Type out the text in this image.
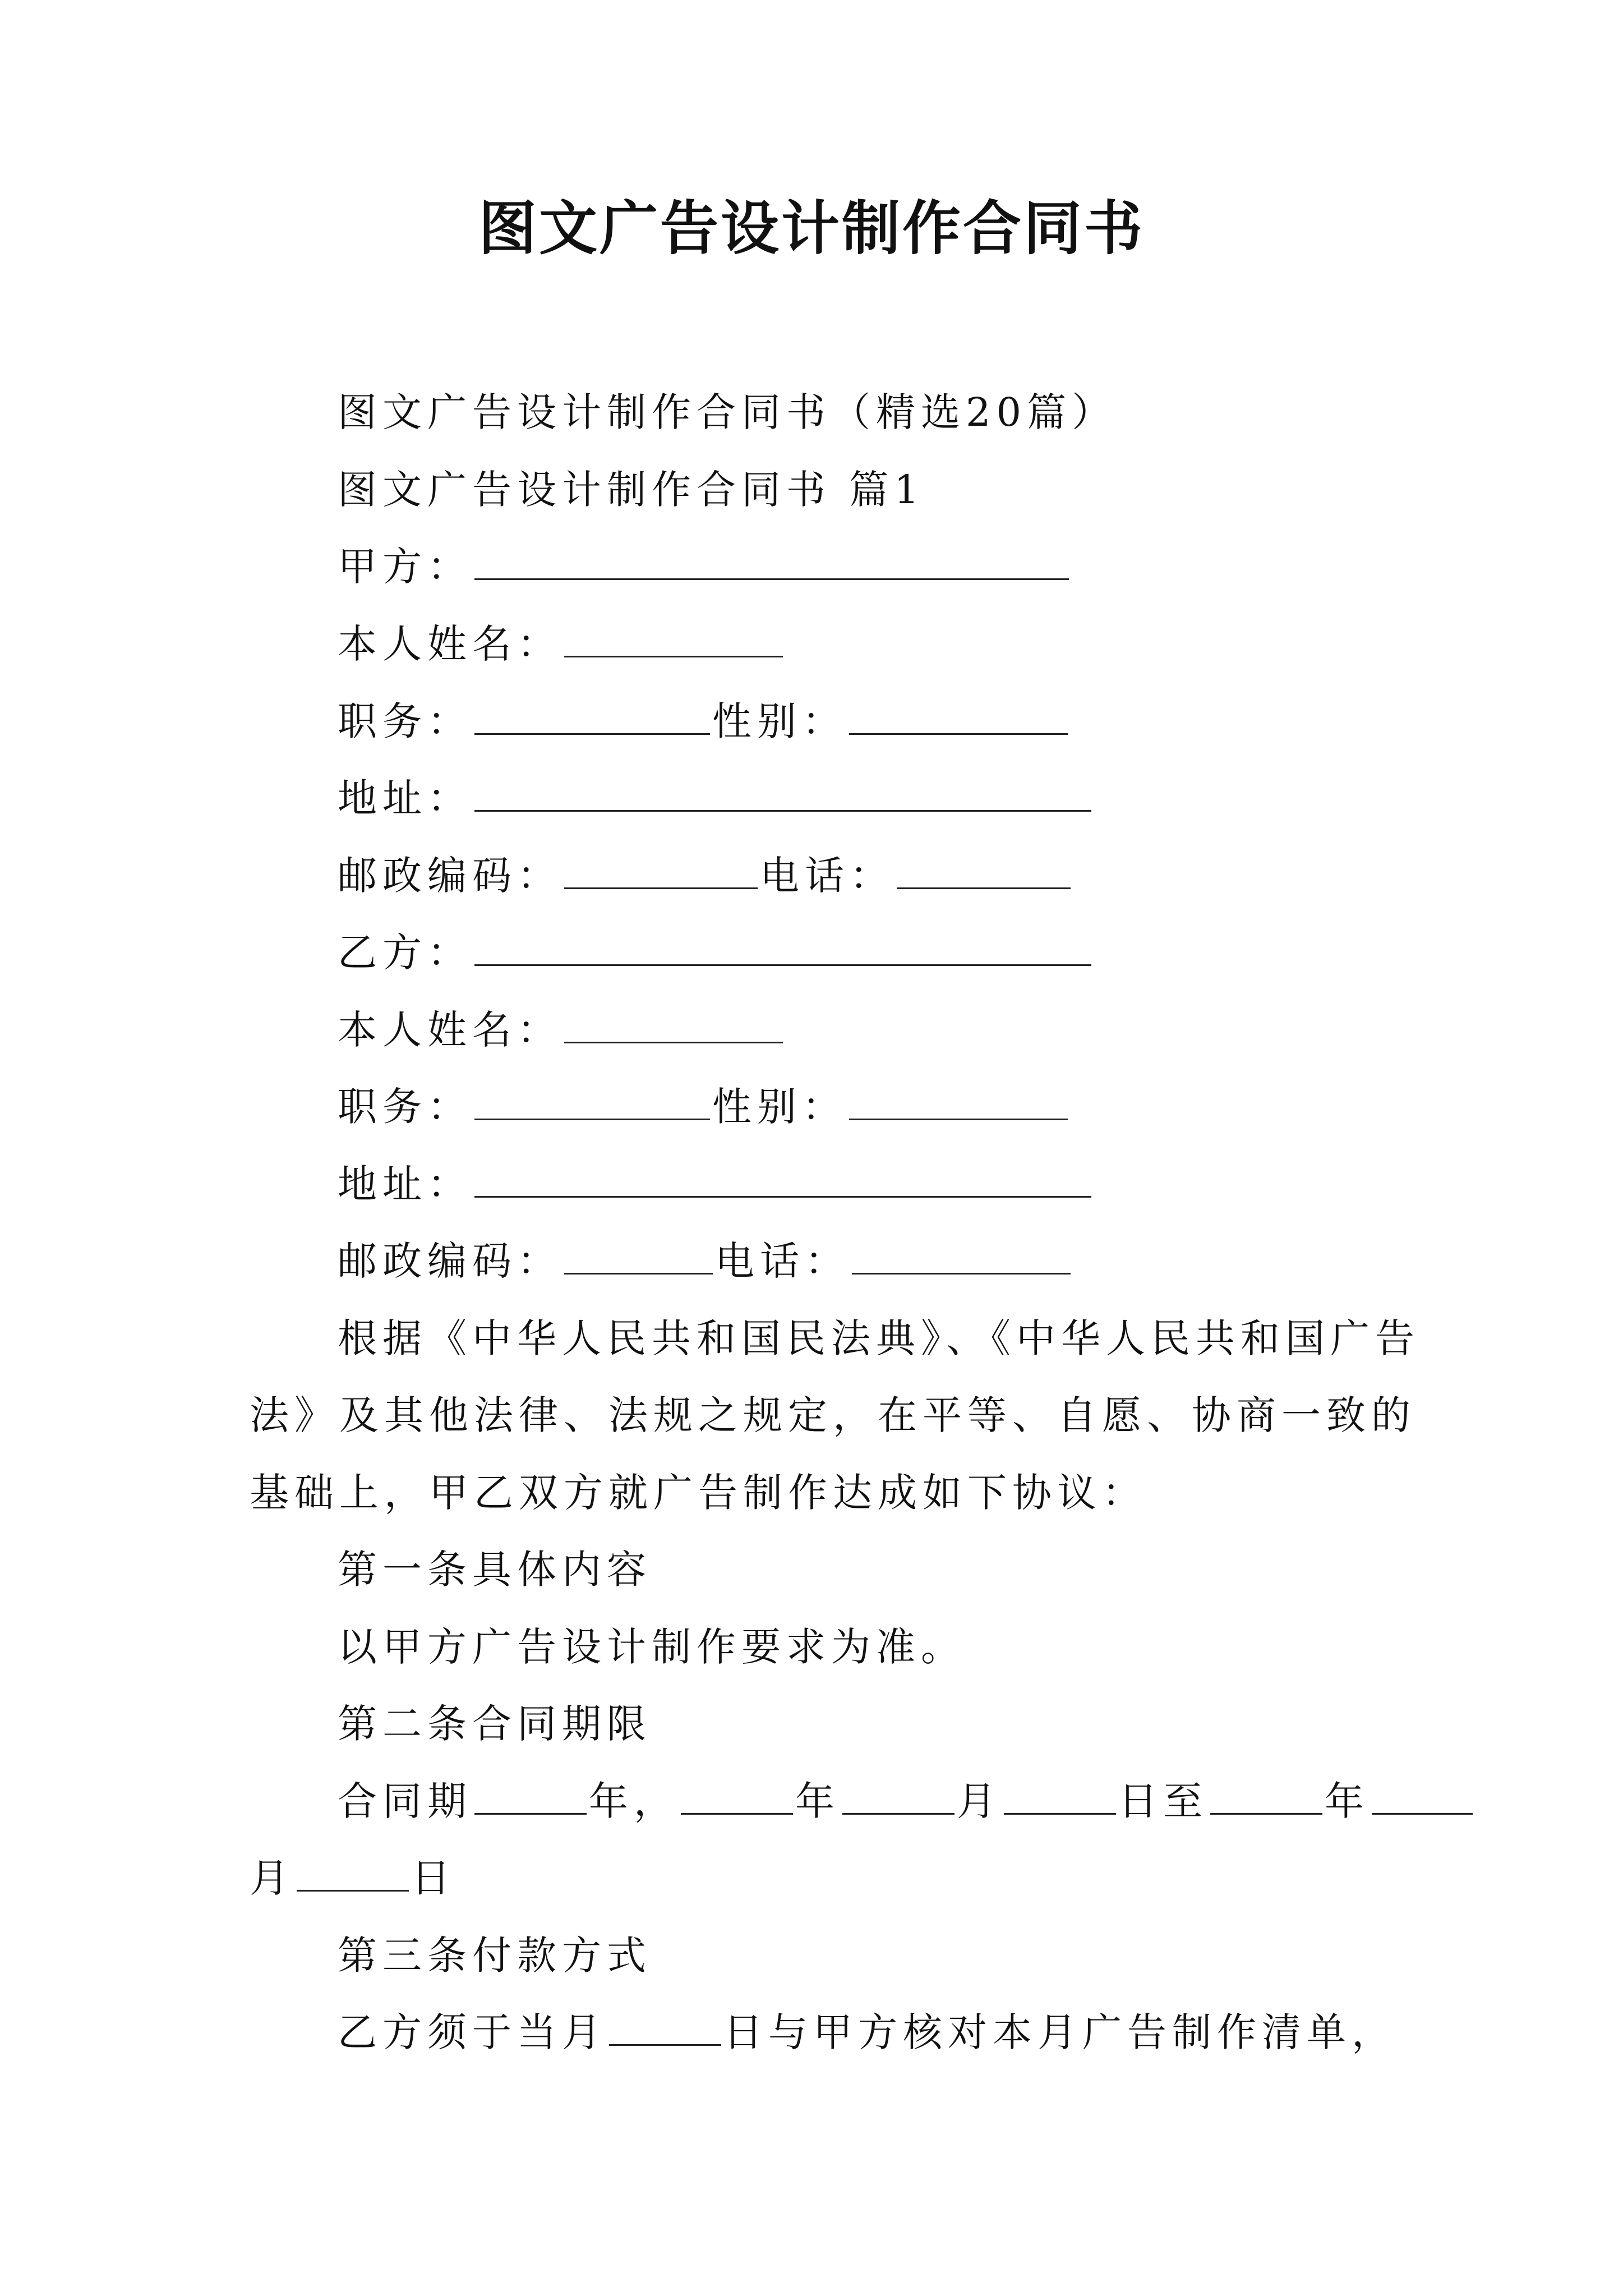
图文广告设计制作合同书
图文广告设计制作合同书（精选20篇）
图文广告设计制作合同书 篇1
甲方：
本人姓名：
职务：	性别：
地址：
邮政编码：	电话：
乙方：
本人姓名：
职务：	性别：
地址：
邮政编码：	电话：
根据《中华人民共和国民法典》、《中华人民共和国广告
法》及其他法律、法规之规定，在平等、自愿、协商一致的
基础上，甲乙双方就广告制作达成如下协议：
第一条具体内容
以甲方广告设计制作要求为准。
第二条合同期限
合同期	年，	年	月	日至	年
月	日
第三条付款方式
乙方须于当月	日与甲方核对本月广告制作清单，
